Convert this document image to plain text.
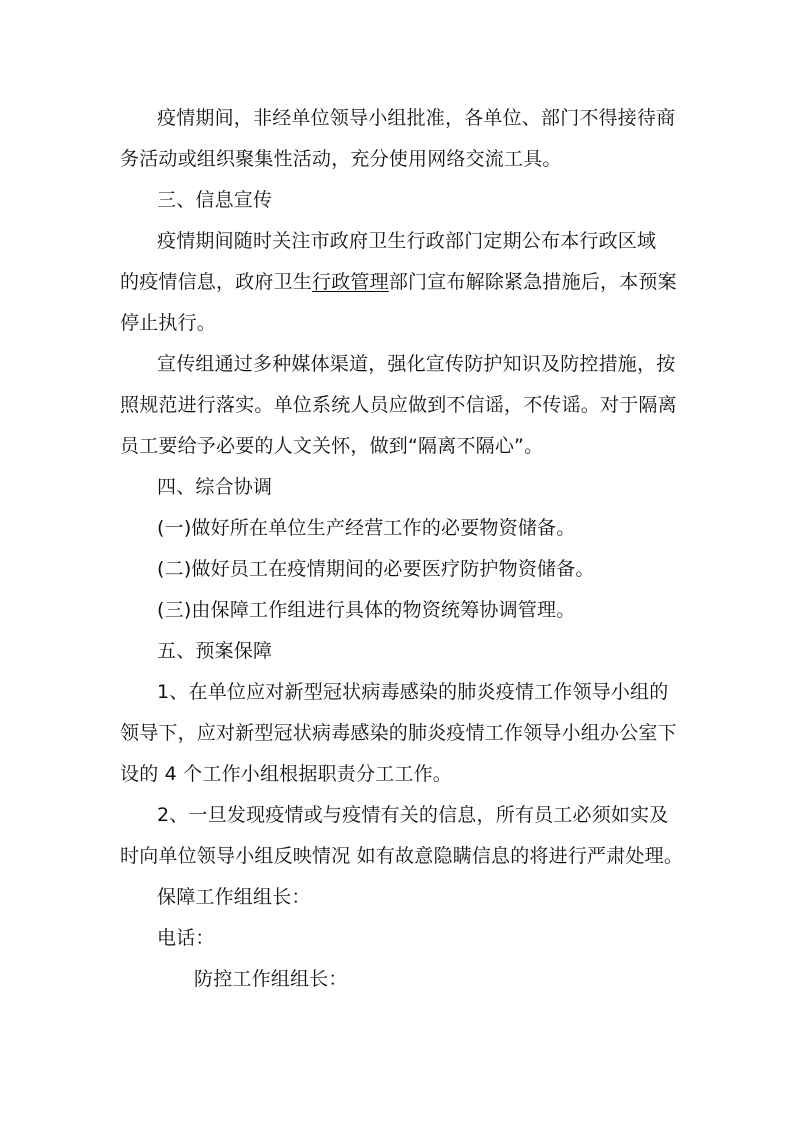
疫情期间，非经单位领导小组批准，各单位、部门不得接待商
务活动或组织聚集性活动，充分使用网络交流工具。
三、信息宣传
疫情期间随时关注市政府卫生行政部门定期公布本行政区域
的疫情信息，政府卫生行政管理部门宣布解除紧急措施后，本预案
停止执行。
宣传组通过多种媒体渠道，强化宣传防护知识及防控措施，按
照规范进行落实。单位系统人员应做到不信谣，不传谣。对于隔离
员工要给予必要的人文关怀，做到“隔离不隔心”。
四、综合协调
(一)做好所在单位生产经营工作的必要物资储备。
(二)做好员工在疫情期间的必要医疗防护物资储备。
(三)由保障工作组进行具体的物资统筹协调管理。
五、预案保障
1、在单位应对新型冠状病毒感染的肺炎疫情工作领导小组的
领导下，应对新型冠状病毒感染的肺炎疫情工作领导小组办公室下
设的 4 个工作小组根据职责分工工作。
2、一旦发现疫情或与疫情有关的信息，所有员工必须如实及
时向单位领导小组反映情况 如有故意隐瞒信息的将进行严肃处理。
保障工作组组长：
电话：
防控工作组组长：
